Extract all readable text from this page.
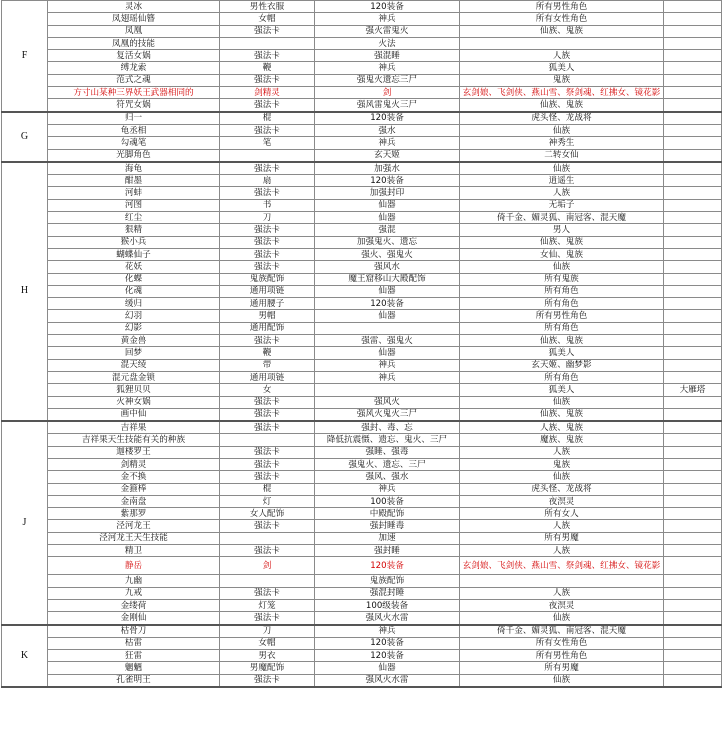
F	灵冰	男性衣服	120装备	所有男性角色	
	凤翅瑶仙簪	女帽	神兵	所有女性角色	
	凤凰	强法卡	强火雷鬼火	仙族、鬼族	
	凤凰的技能		火法		
	复活女娲	强法卡	强混睡	人族	
	缚龙索	鞭	神兵	狐美人	
	范式之魂	强法卡	强鬼火遗忘三尸	鬼族	
	方寸山某种三界妖王武器相同的	剑精灵	剑	玄剑娘、飞剑侠、燕山雪、祭剑魂、红拂女、镜花影	
	符咒女娲	强法卡	强风雷鬼火三尸	仙族、鬼族	
G	归一	棍	120装备	虎头怪、龙战将	
	龟丞相	强法卡	强水	仙族	
	勾魂笔	笔	神兵	神秀生	
	光脚角色		玄天姬	二转女仙	
H	海龟	强法卡	加强水	仙族	
	酣墨	扇	120装备	逍遥生	
	河蚌	强法卡	加强封印	人族	
	河图	书	仙器	无垢子	
	红尘	刀	仙器	倚千金、媚灵狐、南冠客、混天魔	
	狠精	强法卡	强混	男人	
	猴小兵	强法卡	加强鬼火、遗忘	仙族、鬼族	
	蝴蝶仙子	强法卡	强火、强鬼火	女仙、鬼族	
	花妖	强法卡	强风水	仙族	
	化蝶	鬼族配饰	魔王窟移山大殿配饰	所有鬼族	
	化魂	通用项链	仙器	所有角色	
	缓归	通用腰子	120装备	所有角色	
	幻羽	男帽	仙器	所有男性角色	
	幻影	通用配饰		所有角色	
	黄金兽	强法卡	强雷、强鬼火	仙族、鬼族	
	回梦	鞭	仙器	狐美人	
	混天绫	带	神兵	玄天姬、幽梦影	
	混元盘金锁	通用项链	神兵	所有角色	
	狐狸贝贝	女		狐美人	大雁塔
	火神女娲	强法卡	强风火	仙族	
	画中仙	强法卡	强风火鬼火三尸	仙族、鬼族	
J	吉祥果	强法卡	强封、毒、忘	人族、鬼族	
	吉祥果天生技能有关的种族		降低抗震慑、遗忘、鬼火、三尸	魔族、鬼族	
	迦楼罗王	强法卡	强睡、强毒	人族	
	剑精灵	强法卡	强鬼火、遗忘、三尸	鬼族	
	金不换	强法卡	强风、强水	仙族	
	金箍棒	棍	神兵	虎头怪、龙战将	
	金南盘	灯	100装备	夜溟灵	
	紫那罗	女人配饰	中殿配饰	所有女人	
	泾河龙王	强法卡	强封睡毒	人族	
	泾河龙王天生技能		加速	所有男魔	
	精卫	强法卡	强封睡	人族	
	静岳	剑	120装备	玄剑娘、飞剑侠、燕山雪、祭剑魂、红拂女、镜花影	
	九幽		鬼族配饰		
	九戒	强法卡	强混封睡	人族	
	金缕荷	灯笼	100级装备	夜溟灵	
	金刚仙	强法卡	强风火水雷	仙族	
K	枯骨刀	刀	神兵	倚千金、媚灵狐、南冠客、混天魔	
	枯雷	女帽	120装备	所有女性角色	
	狂雷	男衣	120装备	所有男性角色	
	魍魉	男魔配饰	仙器	所有男魔	
	孔雀明王	强法卡	强风火水雷	仙族	
